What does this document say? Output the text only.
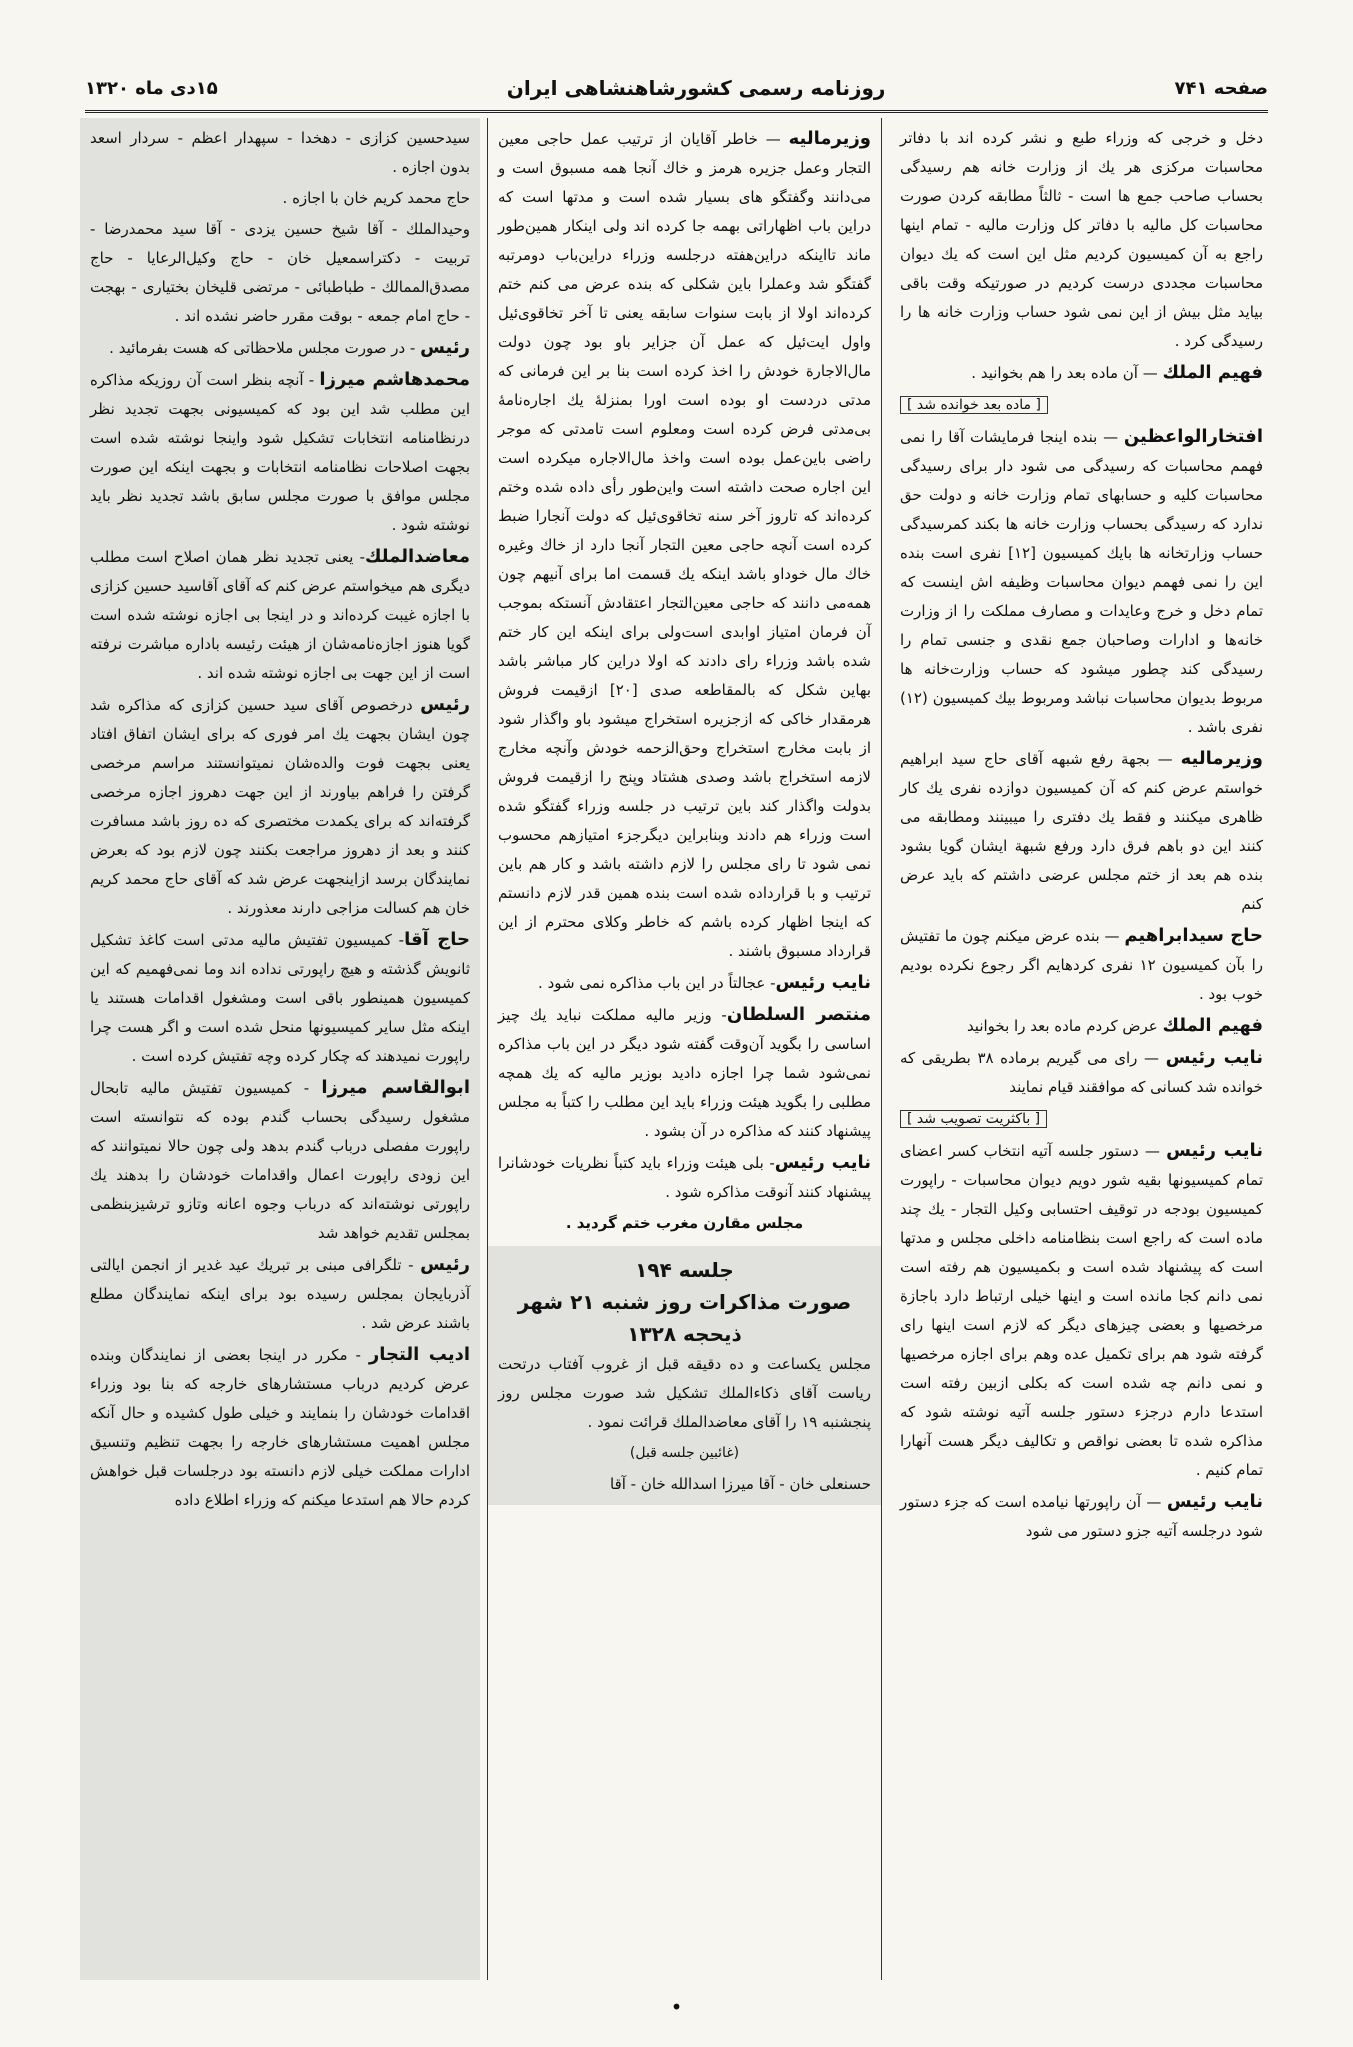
صفحه ۷۴۱
روزنامه رسمی کشورشاهنشاهی ایران
۱۵دی ماه ۱۳۲۰

دخل و خرجی که وزراء طبع و نشر کرده اند با دفاتر محاسبات مرکزی هر یك از وزارت خانه هم رسیدگی بحساب صاحب جمع ها است - ثالثاً مطابقه کردن صورت محاسبات کل مالیه با دفاتر کل وزارت مالیه - تمام اینها راجع به آن کمیسیون کردیم مثل این است که یك دیوان محاسبات مجددی درست کردیم در صورتیکه وقت باقی بیاید مثل بیش از این نمی شود حساب وزارت خانه ها را رسیدگی کرد .

فهیم الملك — آن ماده بعد را هم بخوانید .

[ ماده بعد خوانده شد ]

افتخارالواعظین — بنده اینجا فرمایشات آقا را نمی فهمم محاسبات که رسیدگی می شود دار برای رسیدگی محاسبات کلیه و حسابهای تمام وزارت خانه و دولت حق ندارد که رسیدگی بحساب وزارت خانه ها بکند کمرسیدگی حساب وزارتخانه ها بایك کمیسیون [۱۲] نفری است بنده این را نمی فهمم دیوان محاسبات وظیفه اش اینست که تمام دخل و خرج وعایدات و مصارف مملکت را از وزارت خانه‌ها و ادارات وصاحبان جمع نقدی و جنسی تمام را رسیدگی کند چطور میشود که حساب وزارت‌خانه ها مربوط بدیوان محاسبات نباشد ومربوط بیك کمیسیون (۱۲) نفری باشد .

وزیرمالیه — بجهة رفع شبهه آقای حاج سید ابراهیم خواستم عرض کنم که آن کمیسیون دوازده نفری یك کار ظاهری میکنند و فقط یك دفتری را میبینند ومطابقه می کنند این دو باهم فرق دارد ورفع شبهة ایشان گویا بشود بنده هم بعد از ختم مجلس عرضی داشتم که باید عرض کنم

حاج سیدابراهیم — بنده عرض میکنم چون ما تفتیش را بآن کمیسیون ۱۲ نفری کردهایم اگر رجوع نکرده بودیم خوب بود .

فهیم الملك عرض کردم ماده بعد را بخوانید

نایب رئیس — رای می گیریم برماده ۳۸ بطریقی که خوانده شد کسانی که موافقند قیام نمایند

[ باکثریت تصویب شد ]

نایب رئیس — دستور جلسه آتیه انتخاب کسر اعضای تمام کمیسیونها بقیه شور دویم دیوان محاسبات - راپورت کمیسیون بودجه در توقیف احتسابی وکیل التجار - یك چند ماده است که راجع است بنظامنامه داخلی مجلس و مدتها است که پیشنهاد شده است و بکمیسیون هم رفته است نمی دانم کجا مانده است و اینها خیلی ارتباط دارد باجازة مرخصیها و بعضی چیزهای دیگر که لازم است اینها رای گرفته شود هم برای تکمیل عده وهم برای اجازه مرخصیها و نمی دانم چه شده است که بکلی ازبین رفته است استدعا دارم درجزء دستور جلسه آتیه نوشته شود که مذاکره شده تا بعضی نواقص و تکالیف دیگر هست آنهارا تمام کنیم .

نایب رئیس — آن راپورتها نیامده است که جزء دستور شود درجلسه آتیه جزو دستور می شود

وزیرمالیه — خاطر آقایان از ترتیب عمل حاجی معین التجار وعمل جزیره هرمز و خاك آنجا همه مسبوق است و می‌دانند وگفتگو های بسیار شده است و مدتها است که دراین باب اظهاراتی بهمه جا کرده اند ولی اینکار همین‌طور ماند تااینکه دراین‌هفته درجلسه وزراء دراین‌باب دومرتبه گفتگو شد وعملرا باین شکلی که بنده عرض می کنم ختم کرده‌اند اولا از بابت سنوات سابقه یعنی تا آخر تخاقوی‌ئیل واول ایت‌ئیل که عمل آن جزایر باو بود چون دولت مال‌الاجارة خودش را اخذ کرده است بنا بر این فرمانی که مدتی دردست او بوده است اورا بمنزلهٔ یك اجاره‌نامهٔ بی‌مدتی فرض کرده است ومعلوم است تامدتی که موجر راضی باین‌عمل بوده است واخذ مال‌الاجاره میکرده است این اجاره صحت داشته است واین‌طور رأی داده شده وختم کرده‌اند که تاروز آخر سنه تخاقوی‌ئیل که دولت آنجارا ضبط کرده است آنچه حاجی معین التجار آنجا دارد از خاك وغیره خاك مال خوداو باشد اینکه یك قسمت اما برای آنیهم چون همه‌می دانند که حاجی معین‌التجار اعتقادش آنستکه بموجب آن فرمان امتیاز اوابدی است‌ولی برای اینکه این کار ختم شده باشد وزراء رای دادند که اولا دراین کار مباشر باشد بهاین شکل که بالمقاطعه صدی [۲۰] ازقیمت فروش هرمقدار خاکی که ازجزیره استخراج میشود باو واگذار شود از بابت مخارج استخراج وحق‌الزحمه خودش وآنچه مخارج لازمه استخراج باشد وصدی هشتاد وپنج را ازقیمت فروش بدولت واگذار کند باین ترتیب در جلسه وزراء گفتگو شده است وزراء هم دادند وبنابراین دیگرجزء امتیازهم محسوب نمی شود تا رای مجلس را لازم داشته باشد و کار هم باین ترتیب و با قرارداده شده است بنده همین قدر لازم دانستم که اینجا اظهار کرده باشم که خاطر وکلای محترم از این قرارداد مسبوق باشند .

نایب رئیس- عجالتاً در این باب مذاکره نمی شود .

منتصر السلطان- وزیر مالیه مملکت نباید یك چیز اساسی را بگوید آن‌وقت گفته شود دیگر در این باب مذاکره نمی‌شود شما چرا اجازه دادید بوزیر مالیه که یك همچه مطلبی را بگوید هیئت وزراء باید این مطلب را کتباً به مجلس پیشنهاد کنند که مذاکره در آن بشود .

نایب رئیس- بلی هیئت وزراء باید کتباً نظریات خودشانرا پیشنهاد کنند آنوقت مذاکره شود .

مجلس مقارن مغرب ختم گردید .

جلسه ۱۹۴
صورت مذاکرات روز شنبه ۲۱ شهر ذیحجه ۱۳۲۸

مجلس یکساعت و ده دقیقه قبل از غروب آفتاب درتحت ریاست آقای ذکاءالملك تشکیل شد صورت مجلس روز پنجشنبه ۱۹ را آقای معاضدالملك قرائت نمود .

(غائبین جلسه قبل)

حسنعلی خان - آقا میرزا اسدالله خان - آقا

سیدحسین کزازی - دهخدا - سپهدار اعظم - سردار اسعد بدون اجازه .

حاج محمد کریم خان با اجازه .

وحیدالملك - آقا شیخ حسین یزدی - آقا سید محمدرضا - تربیت - دکتراسمعیل خان - حاج وکیل‌الرعایا - حاج مصدق‌الممالك - طباطبائی - مرتضی قلیخان بختیاری - بهجت - حاج امام جمعه - بوقت مقرر حاضر نشده اند .

رئیس - در صورت مجلس ملاحظاتی که هست بفرمائید .

محمدهاشم میرزا - آنچه بنظر است آن روزیکه مذاکره این مطلب شد این بود که کمیسیونی بجهت تجدید نظر درنظامنامه انتخابات تشکیل شود واینجا نوشته شده است بجهت اصلاحات نظامنامه انتخابات و بجهت اینکه این صورت مجلس موافق با صورت مجلس سابق باشد تجدید نظر باید نوشته شود .

معاضدالملك- یعنی تجدید نظر همان اصلاح است مطلب دیگری هم میخواستم عرض کنم که آقای آقاسید حسین کزازی با اجازه غیبت کرده‌اند و در اینجا بی اجازه نوشته شده است گویا هنوز اجازه‌نامه‌شان از هیئت رئیسه باداره مباشرت نرفته است از این جهت بی اجازه نوشته شده اند .

رئیس درخصوص آقای سید حسین کزازی که مذاکره شد چون ایشان بجهت یك امر فوری که برای ایشان اتفاق افتاد یعنی بجهت فوت والده‌شان نمیتوانستند مراسم مرخصی گرفتن را فراهم بیاورند از این جهت دهروز اجازه مرخصی گرفته‌اند که برای یکمدت مختصری که ده روز باشد مسافرت کنند و بعد از دهروز مراجعت بکنند چون لازم بود که بعرض نمایندگان برسد ازاینجهت عرض شد که آقای حاج محمد کریم خان هم کسالت مزاجی دارند معذورند .

حاج آقا- کمیسیون تفتیش مالیه مدتی است کاغذ تشکیل ثانویش گذشته و هیچ راپورتی نداده اند وما نمی‌فهمیم که این کمیسیون همینطور باقی است ومشغول اقدامات هستند یا اینکه مثل سایر کمیسیونها منحل شده است و اگر هست چرا راپورت نمیدهند که چکار کرده وچه تفتیش کرده است .

ابوالقاسم میرزا - کمیسیون تفتیش مالیه تابحال مشغول رسیدگی بحساب گندم بوده که نتوانسته است راپورت مفصلی درباب گندم بدهد ولی چون حالا نمیتوانند که این زودی راپورت اعمال واقدامات خودشان را بدهند یك راپورتی نوشته‌اند که درباب وجوه اعانه وتازو ترشیزبنظمی بمجلس تقدیم خواهد شد

رئیس - تلگرافی مبنی بر تبریك عید غدیر از انجمن ایالتی آذربایجان بمجلس رسیده بود برای اینکه نمایندگان مطلع باشند عرض شد .

ادیب التجار - مکرر در اینجا بعضی از نمایندگان وبنده عرض کردیم درباب مستشارهای خارجه که بنا بود وزراء اقدامات خودشان را بنمایند و خیلی طول کشیده و حال آنکه مجلس اهمیت مستشارهای خارجه را بجهت تنظیم وتنسیق ادارات مملکت خیلی لازم دانسته بود درجلسات قبل خواهش کردم حالا هم استدعا میکنم که وزراء اطلاع داده

•
